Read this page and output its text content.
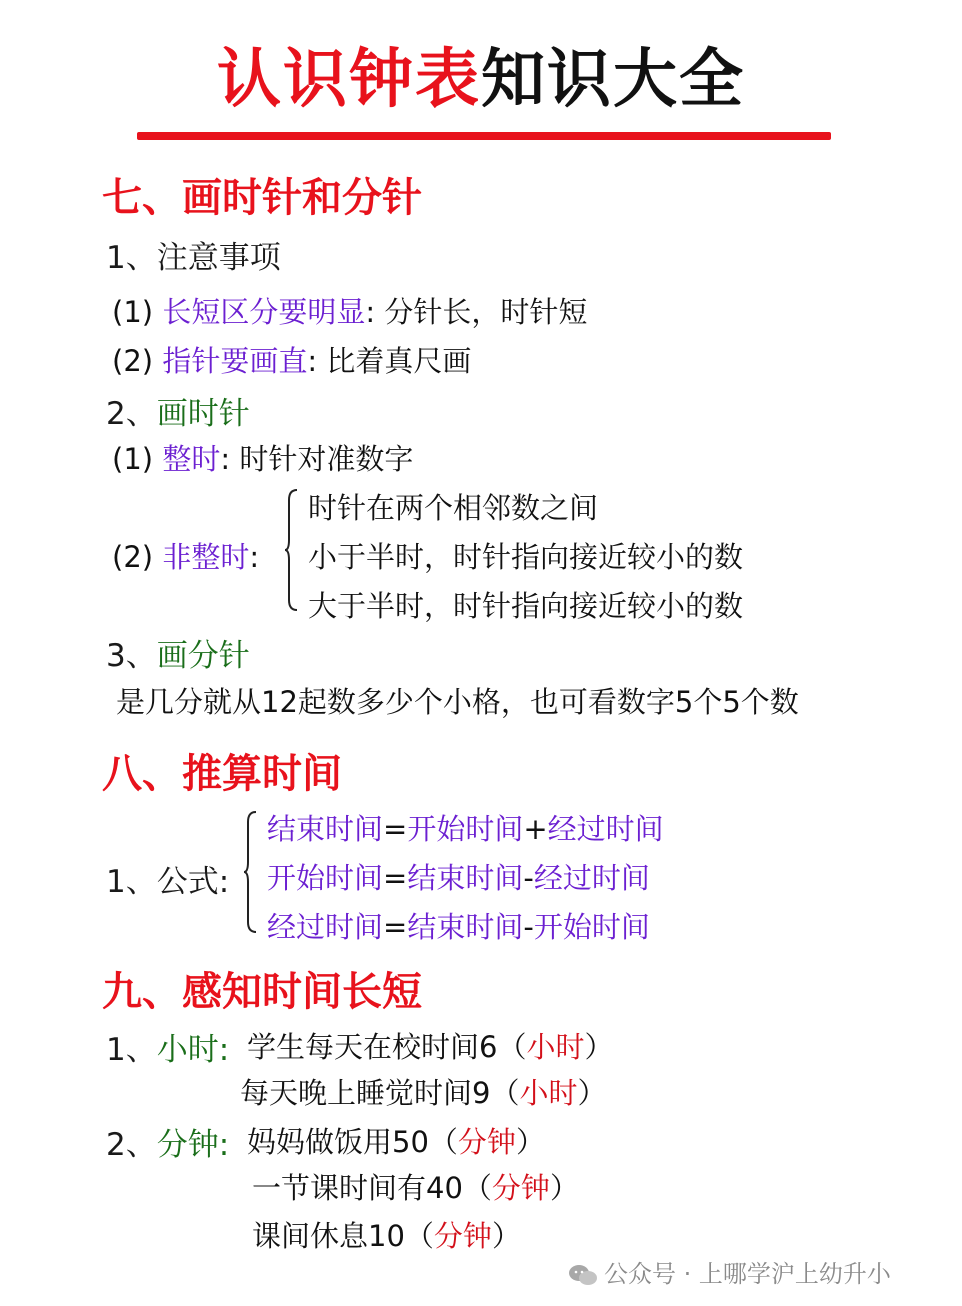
认识钟表知识大全
七、画时针和分针
1、注意事项
(1) 长短区分要明显: 分针长，时针短
(2) 指针要画直: 比着真尺画
2、画时针
(1) 整时: 时针对准数字
(2) 非整时:
时针在两个相邻数之间
小于半时，时针指向接近较小的数
大于半时，时针指向接近较小的数
3、画分针
是几分就从12起数多少个小格，也可看数字5个5个数
八、推算时间
1、公式:
结束时间=开始时间+经过时间
开始时间=结束时间-经过时间
经过时间=结束时间-开始时间
九、感知时间长短
1、小时: 学生每天在校时间6（小时）
每天晚上睡觉时间9（小时）
2、分钟: 妈妈做饭用50（分钟）
一节课时间有40（分钟）
课间休息10（分钟）
公众号 · 上哪学沪上幼升小
